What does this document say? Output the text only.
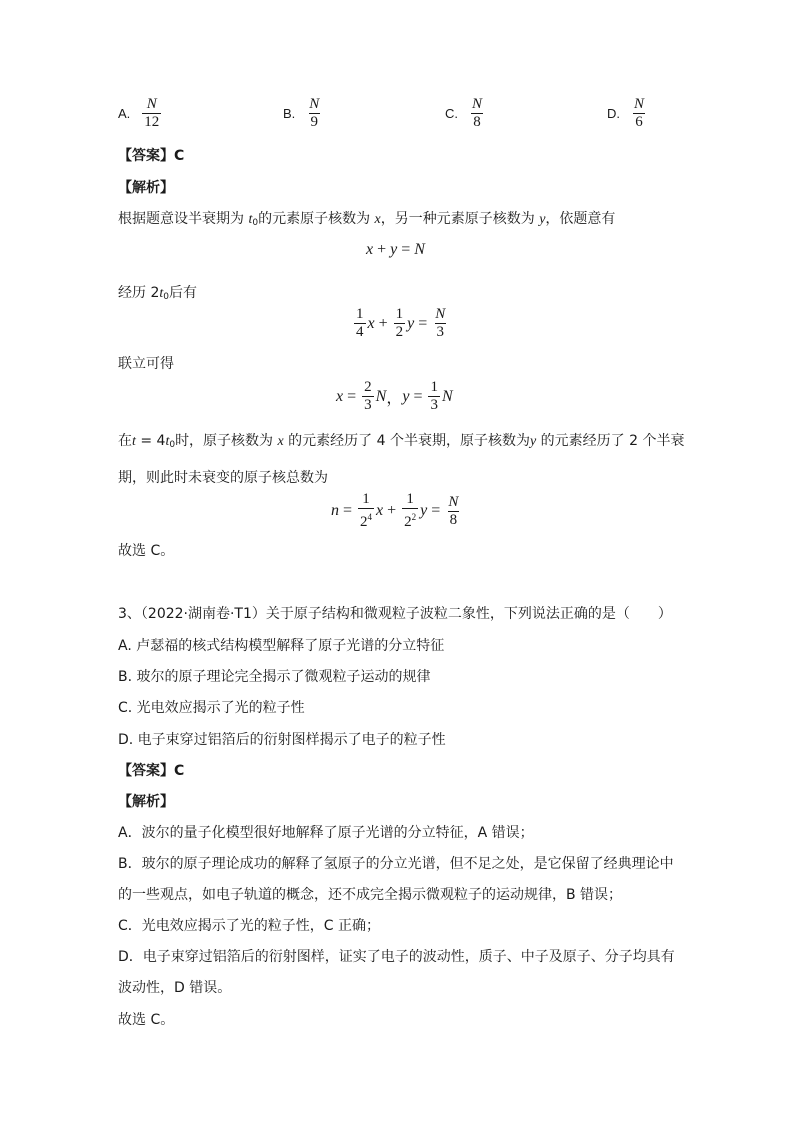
A. $\frac{N}{12}$	B. $\frac{N}{9}$	C. $\frac{N}{8}$	D. $\frac{N}{6}$
【答案】C
【解析】
根据题意设半衰期为 $t_0$的元素原子核数为 x，另一种元素原子核数为 y，依题意有
x + y = N
经历 $2t_0$后有
$\frac{1}{4}$ $x + \frac{1}{2}$ $y = \frac{N}{3}$
联立可得
$x = \frac{2}{3}$ N ， $y = \frac{1}{3}$ N
在$t = 4t_0$时，原子核数为 x 的元素经历了 4 个半衰期，原子核数为y 的元素经历了 2 个半衰
期，则此时未衰变的原子核总数为
$n = \frac{1}{2^4}$ $x + \frac{1}{2^2}$ $y = \frac{N}{8}$
故选 C。
3、（2022·湖南卷·T1）关于原子结构和微观粒子波粒二象性，下列说法正确的是（　　）
A. 卢瑟福的核式结构模型解释了原子光谱的分立特征
B. 玻尔的原子理论完全揭示了微观粒子运动的规律
C. 光电效应揭示了光的粒子性
D. 电子束穿过铝箔后的衍射图样揭示了电子的粒子性
【答案】C
【解析】
A．波尔的量子化模型很好地解释了原子光谱的分立特征，A 错误；
B．玻尔的原子理论成功的解释了氢原子的分立光谱，但不足之处，是它保留了经典理论中
的一些观点，如电子轨道的概念，还不成完全揭示微观粒子的运动规律，B 错误；
C．光电效应揭示了光的粒子性，C 正确；
D．电子束穿过铝箔后的衍射图样，证实了电子的波动性，质子、中子及原子、分子均具有
波动性，D 错误。
故选 C。
